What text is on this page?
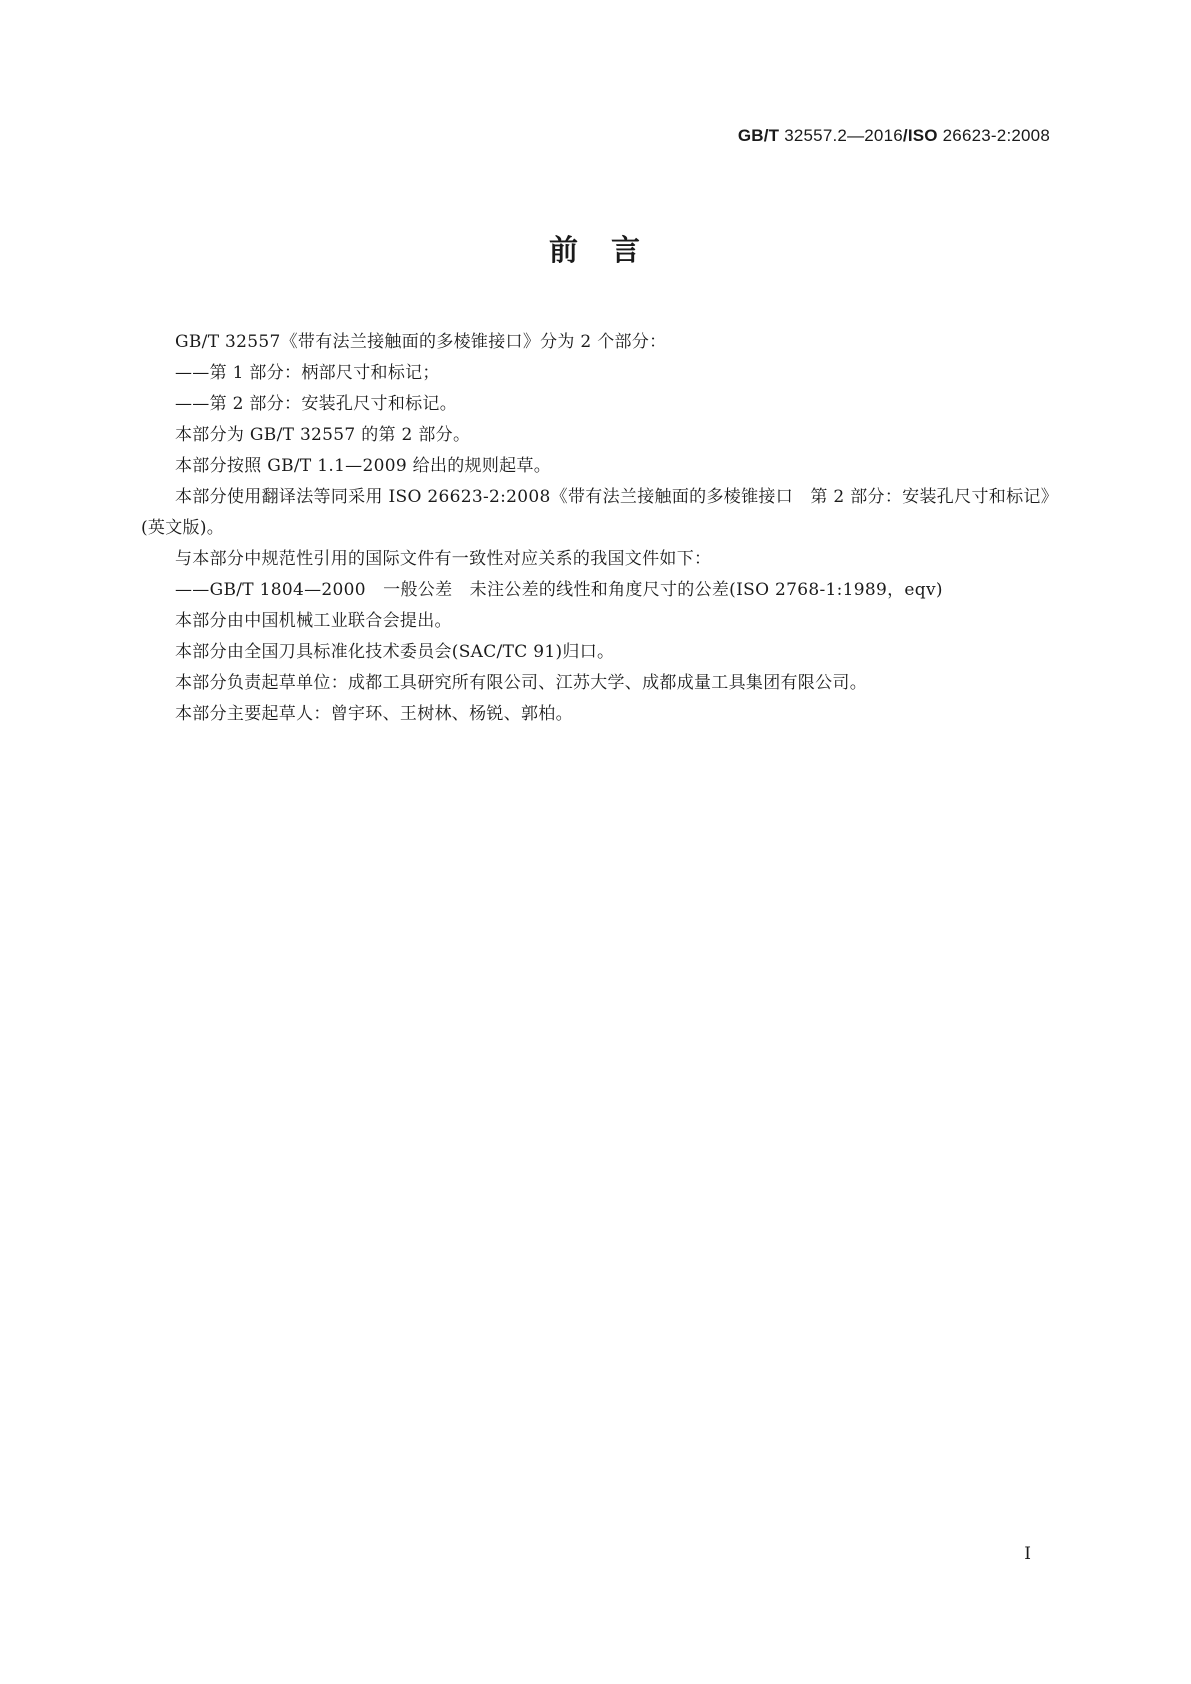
GB/T 32557.2—2016/ISO 26623-2:2008
前　言

GB/T 32557《带有法兰接触面的多棱锥接口》分为 2 个部分：

——第 1 部分：柄部尺寸和标记；

——第 2 部分：安装孔尺寸和标记。

本部分为 GB/T 32557 的第 2 部分。

本部分按照 GB/T 1.1—2009 给出的规则起草。

本部分使用翻译法等同采用 ISO 26623-2:2008《带有法兰接触面的多棱锥接口　第 2 部分：安装孔尺寸和标记》(英文版)。

与本部分中规范性引用的国际文件有一致性对应关系的我国文件如下：

——GB/T 1804—2000　一般公差　未注公差的线性和角度尺寸的公差(ISO 2768-1:1989，eqv)

本部分由中国机械工业联合会提出。

本部分由全国刀具标准化技术委员会(SAC/TC 91)归口。

本部分负责起草单位：成都工具研究所有限公司、江苏大学、成都成量工具集团有限公司。

本部分主要起草人：曾宇环、王树林、杨锐、郭柏。

I
